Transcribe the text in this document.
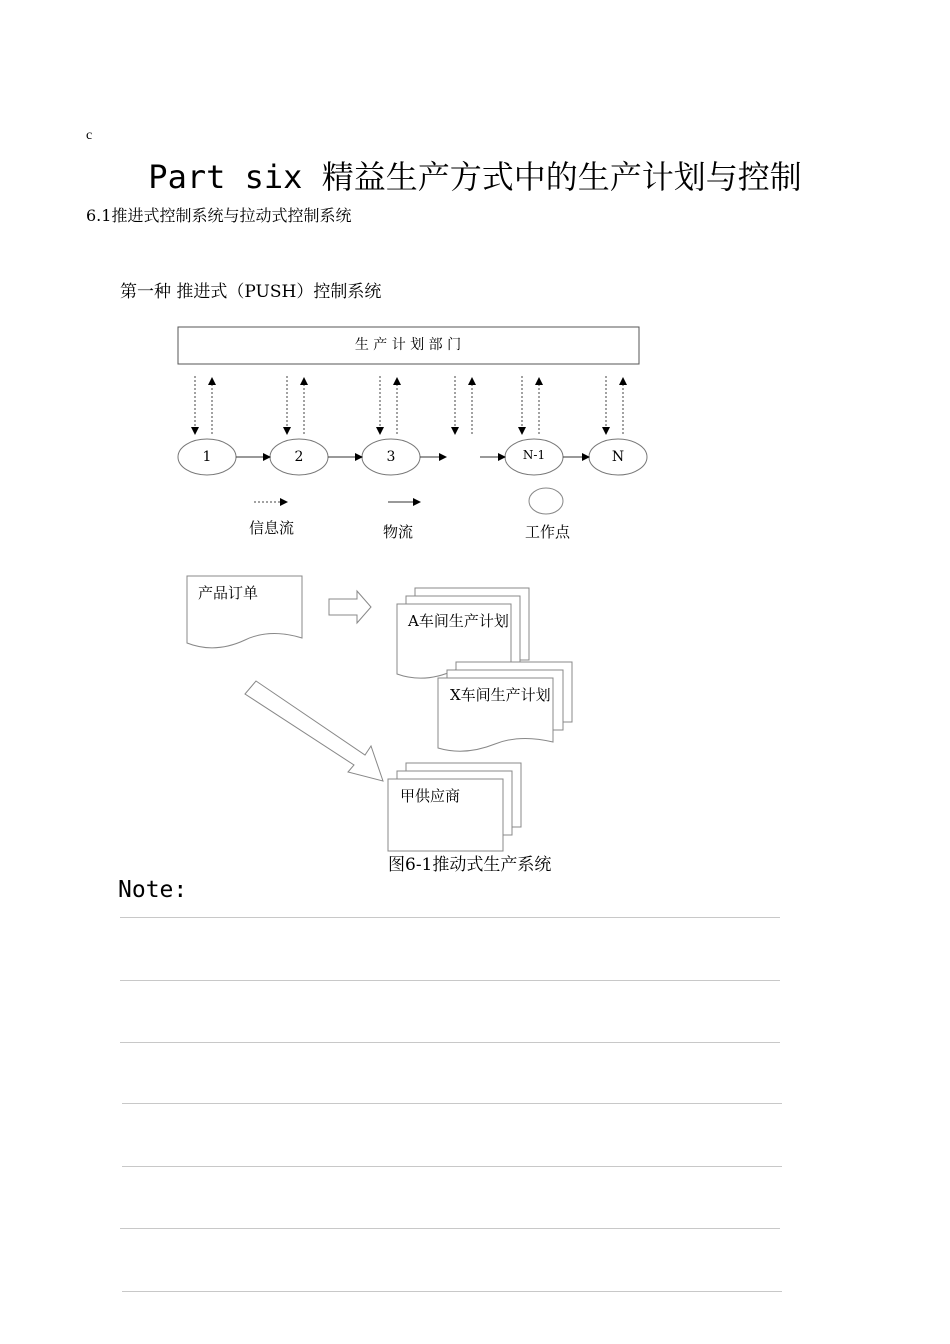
c
Part six 精益生产方式中的生产计划与控制
6.1推进式控制系统与拉动式控制系统
第一种 推进式（PUSH）控制系统
生 产 计 划 部 门
1	2	3	N-1	N
信息流	物流	工作点
产品订单
A车间生产计划
X车间生产计划
甲供应商
图6-1推动式生产系统
Note:
